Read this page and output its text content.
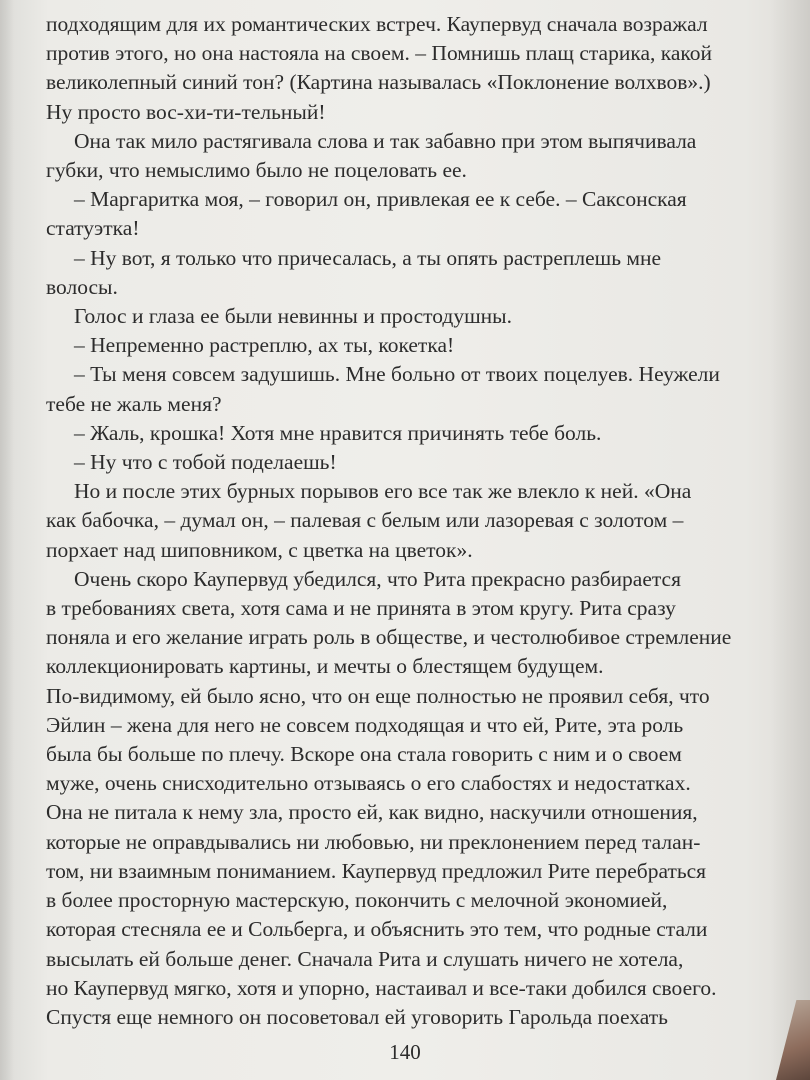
подходящим для их романтических встреч. Каупервуд сначала возражал
против этого, но она настояла на своем. – Помнишь плащ старика, какой
великолепный синий тон? (Картина называлась «Поклонение волхвов».)
Ну просто вос-хи-ти-тельный!
Она так мило растягивала слова и так забавно при этом выпячивала
губки, что немыслимо было не поцеловать ее.
– Маргаритка моя, – говорил он, привлекая ее к себе. – Саксонская
статуэтка!
– Ну вот, я только что причесалась, а ты опять растреплешь мне
волосы.
Голос и глаза ее были невинны и простодушны.
– Непременно растреплю, ах ты, кокетка!
– Ты меня совсем задушишь. Мне больно от твоих поцелуев. Неужели
тебе не жаль меня?
– Жаль, крошка! Хотя мне нравится причинять тебе боль.
– Ну что с тобой поделаешь!
Но и после этих бурных порывов его все так же влекло к ней. «Она
как бабочка, – думал он, – палевая с белым или лазоревая с золотом –
порхает над шиповником, с цветка на цветок».
Очень скоро Каупервуд убедился, что Рита прекрасно разбирается
в требованиях света, хотя сама и не принята в этом кругу. Рита сразу
поняла и его желание играть роль в обществе, и честолюбивое стремление
коллекционировать картины, и мечты о блестящем будущем.
По-видимому, ей было ясно, что он еще полностью не проявил себя, что
Эйлин – жена для него не совсем подходящая и что ей, Рите, эта роль
была бы больше по плечу. Вскоре она стала говорить с ним и о своем
муже, очень снисходительно отзываясь о его слабостях и недостатках.
Она не питала к нему зла, просто ей, как видно, наскучили отношения,
которые не оправдывались ни любовью, ни преклонением перед талан-
том, ни взаимным пониманием. Каупервуд предложил Рите перебраться
в более просторную мастерскую, покончить с мелочной экономией,
которая стесняла ее и Сольберга, и объяснить это тем, что родные стали
высылать ей больше денег. Сначала Рита и слушать ничего не хотела,
но Каупервуд мягко, хотя и упорно, настаивал и все-таки добился своего.
Спустя еще немного он посоветовал ей уговорить Гарольда поехать
140
